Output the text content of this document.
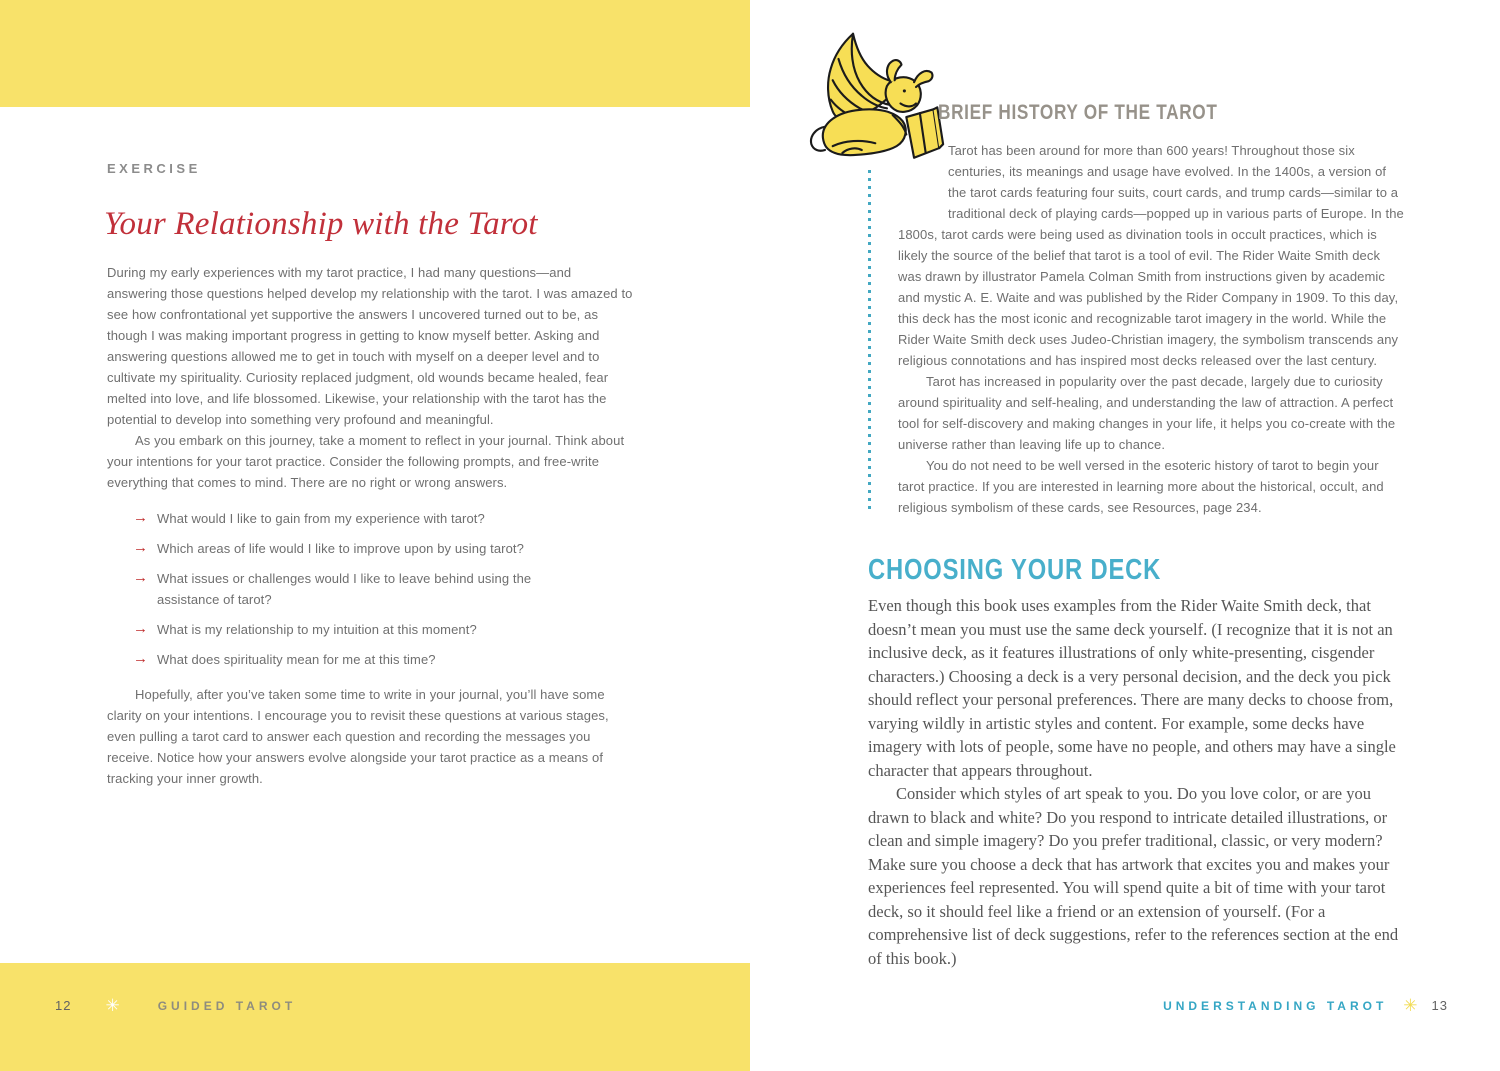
EXERCISE
Your Relationship with the Tarot

During my early experiences with my tarot practice, I had many questions—and answering those questions helped develop my relationship with the tarot. I was amazed to see how confrontational yet supportive the answers I uncovered turned out to be, as though I was making important progress in getting to know myself better. Asking and answering questions allowed me to get in touch with myself on a deeper level and to cultivate my spirituality. Curiosity replaced judgment, old wounds became healed, fear melted into love, and life blossomed. Likewise, your relationship with the tarot has the potential to develop into something very profound and meaningful.

As you embark on this journey, take a moment to reflect in your journal. Think about your intentions for your tarot practice. Consider the following prompts, and free-write everything that comes to mind. There are no right or wrong answers.

→ What would I like to gain from my experience with tarot?
→ Which areas of life would I like to improve upon by using tarot?
→ What issues or challenges would I like to leave behind using the assistance of tarot?
→ What is my relationship to my intuition at this moment?
→ What does spirituality mean for me at this time?

Hopefully, after you’ve taken some time to write in your journal, you’ll have some clarity on your intentions. I encourage you to revisit these questions at various stages, even pulling a tarot card to answer each question and recording the messages you receive. Notice how your answers evolve alongside your tarot practice as a means of tracking your inner growth.

12 ✳	GUIDED TAROT
BRIEF HISTORY OF THE TAROT

Tarot has been around for more than 600 years! Throughout those six centuries, its meanings and usage have evolved. In the 1400s, a version of the tarot cards featuring four suits, court cards, and trump cards—similar to a traditional deck of playing cards—popped up in various parts of Europe. In the 1800s, tarot cards were being used as divination tools in occult practices, which is likely the source of the belief that tarot is a tool of evil. The Rider Waite Smith deck was drawn by illustrator Pamela Colman Smith from instructions given by academic and mystic A. E. Waite and was published by the Rider Company in 1909. To this day, this deck has the most iconic and recognizable tarot imagery in the world. While the Rider Waite Smith deck uses Judeo-Christian imagery, the symbolism transcends any religious connotations and has inspired most decks released over the last century.

Tarot has increased in popularity over the past decade, largely due to curiosity around spirituality and self-healing, and understanding the law of attraction. A perfect tool for self-discovery and making changes in your life, it helps you co-create with the universe rather than leaving life up to chance.

You do not need to be well versed in the esoteric history of tarot to begin your tarot practice. If you are interested in learning more about the historical, occult, and religious symbolism of these cards, see Resources, page 234.

CHOOSING YOUR DECK

Even though this book uses examples from the Rider Waite Smith deck, that doesn’t mean you must use the same deck yourself. (I recognize that it is not an inclusive deck, as it features illustrations of only white-presenting, cisgender characters.) Choosing a deck is a very personal decision, and the deck you pick should reflect your personal preferences. There are many decks to choose from, varying wildly in artistic styles and content. For example, some decks have imagery with lots of people, some have no people, and others may have a single character that appears throughout.

Consider which styles of art speak to you. Do you love color, or are you drawn to black and white? Do you respond to intricate detailed illustrations, or clean and simple imagery? Do you prefer traditional, classic, or very modern? Make sure you choose a deck that has artwork that excites you and makes your experiences feel represented. You will spend quite a bit of time with your tarot deck, so it should feel like a friend or an extension of yourself. (For a comprehensive list of deck suggestions, refer to the references section at the end of this book.)

UNDERSTANDING TAROT ✳ 13
